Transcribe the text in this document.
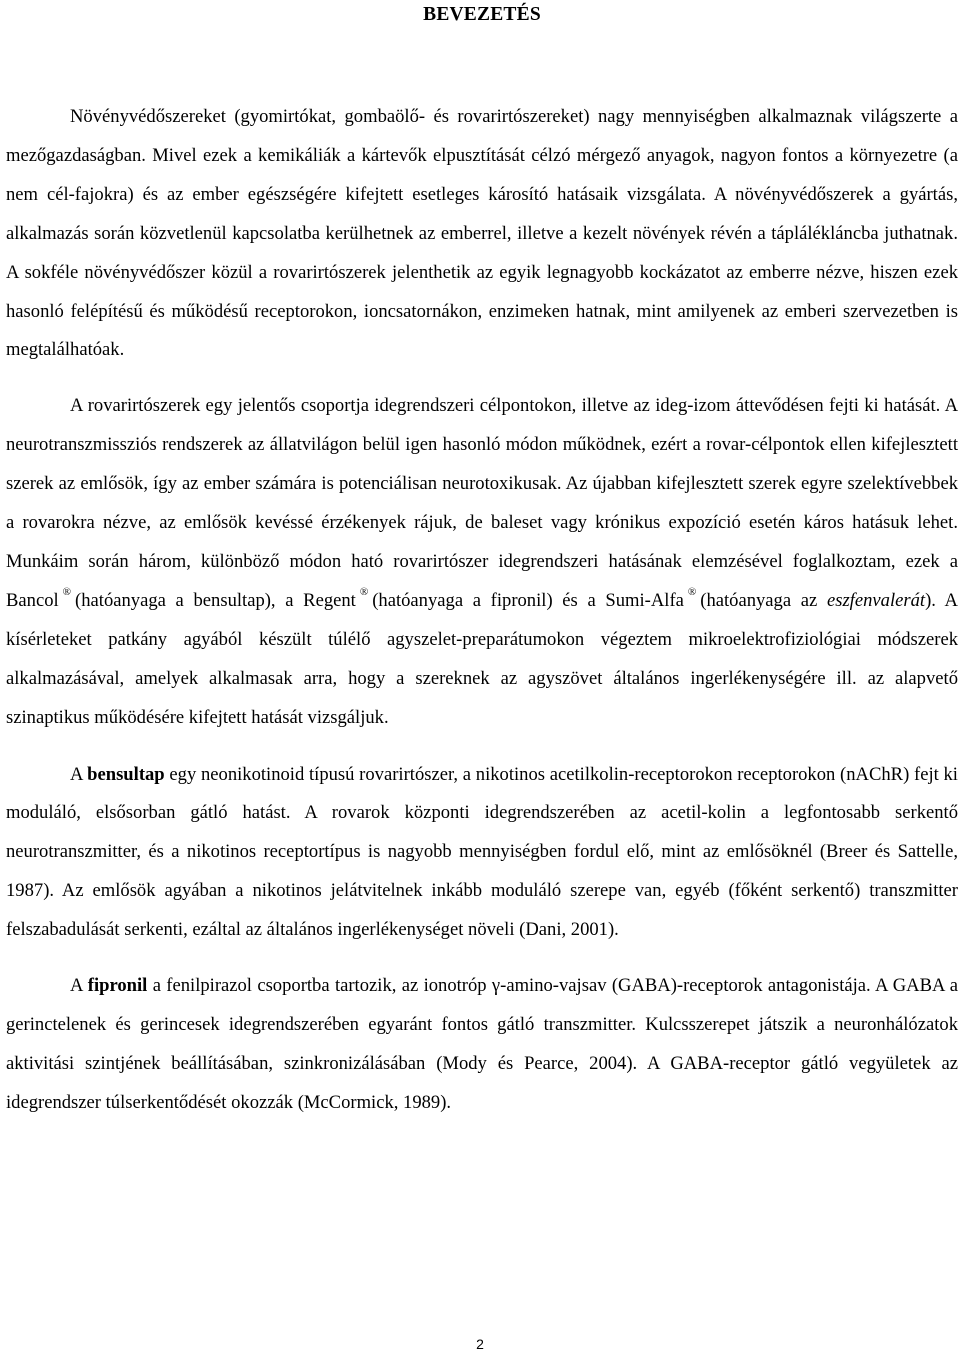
BEVEZETÉS

Növényvédőszereket (gyomirtókat, gombaölő- és rovarirtószereket) nagy mennyiségben alkalmaznak világszerte a mezőgazdaságban. Mivel ezek a kemikáliák a kártevők elpusztítását célzó mérgező anyagok, nagyon fontos a környezetre (a nem cél-fajokra) és az ember egészségére kifejtett esetleges károsító hatásaik vizsgálata. A növényvédőszerek a gyártás, alkalmazás során közvetlenül kapcsolatba kerülhetnek az emberrel, illetve a kezelt növények révén a táplálékláncba juthatnak. A sokféle növényvédőszer közül a rovarirtószerek jelenthetik az egyik legnagyobb kockázatot az emberre nézve, hiszen ezek hasonló felépítésű és működésű receptorokon, ioncsatornákon, enzimeken hatnak, mint amilyenek az emberi szervezetben is megtalálhatóak.

A rovarirtószerek egy jelentős csoportja idegrendszeri célpontokon, illetve az ideg-izom áttevődésen fejti ki hatását. A neurotranszmissziós rendszerek az állatvilágon belül igen hasonló módon működnek, ezért a rovar-célpontok ellen kifejlesztett szerek az emlősök, így az ember számára is potenciálisan neurotoxikusak. Az újabban kifejlesztett szerek egyre szelektívebbek a rovarokra nézve, az emlősök kevéssé érzékenyek rájuk, de baleset vagy krónikus expozíció esetén káros hatásuk lehet. Munkáim során három, különböző módon ható rovarirtószer idegrendszeri hatásának elemzésével foglalkoztam, ezek a Bancol ® (hatóanyaga a bensultap), a Regent ® (hatóanyaga a fipronil) és a Sumi-Alfa ® (hatóanyaga az eszfenvalerát). A kísérleteket patkány agyából készült túlélő agyszelet-preparátumokon végeztem mikroelektrofiziológiai módszerek alkalmazásával, amelyek alkalmasak arra, hogy a szereknek az agyszövet általános ingerlékenységére ill. az alapvető szinaptikus működésére kifejtett hatását vizsgáljuk.

A bensultap egy neonikotinoid típusú rovarirtószer, a nikotinos acetilkolin-receptorokon receptorokon (nAChR) fejt ki moduláló, elsősorban gátló hatást. A rovarok központi idegrendszerében az acetil-kolin a legfontosabb serkentő neurotranszmitter, és a nikotinos receptortípus is nagyobb mennyiségben fordul elő, mint az emlősöknél (Breer és Sattelle, 1987). Az emlősök agyában a nikotinos jelátvitelnek inkább moduláló szerepe van, egyéb (főként serkentő) transzmitter felszabadulását serkenti, ezáltal az általános ingerlékenységet növeli (Dani, 2001).

A fipronil a fenilpirazol csoportba tartozik, az ionotróp γ-amino-vajsav (GABA)-receptorok antagonistája. A GABA a gerinctelenek és gerincesek idegrendszerében egyaránt fontos gátló transzmitter. Kulcsszerepet játszik a neuronhálózatok aktivitási szintjének beállításában, szinkronizálásában (Mody és Pearce, 2004). A GABA-receptor gátló vegyületek az idegrendszer túlserkentődését okozzák (McCormick, 1989).

2
